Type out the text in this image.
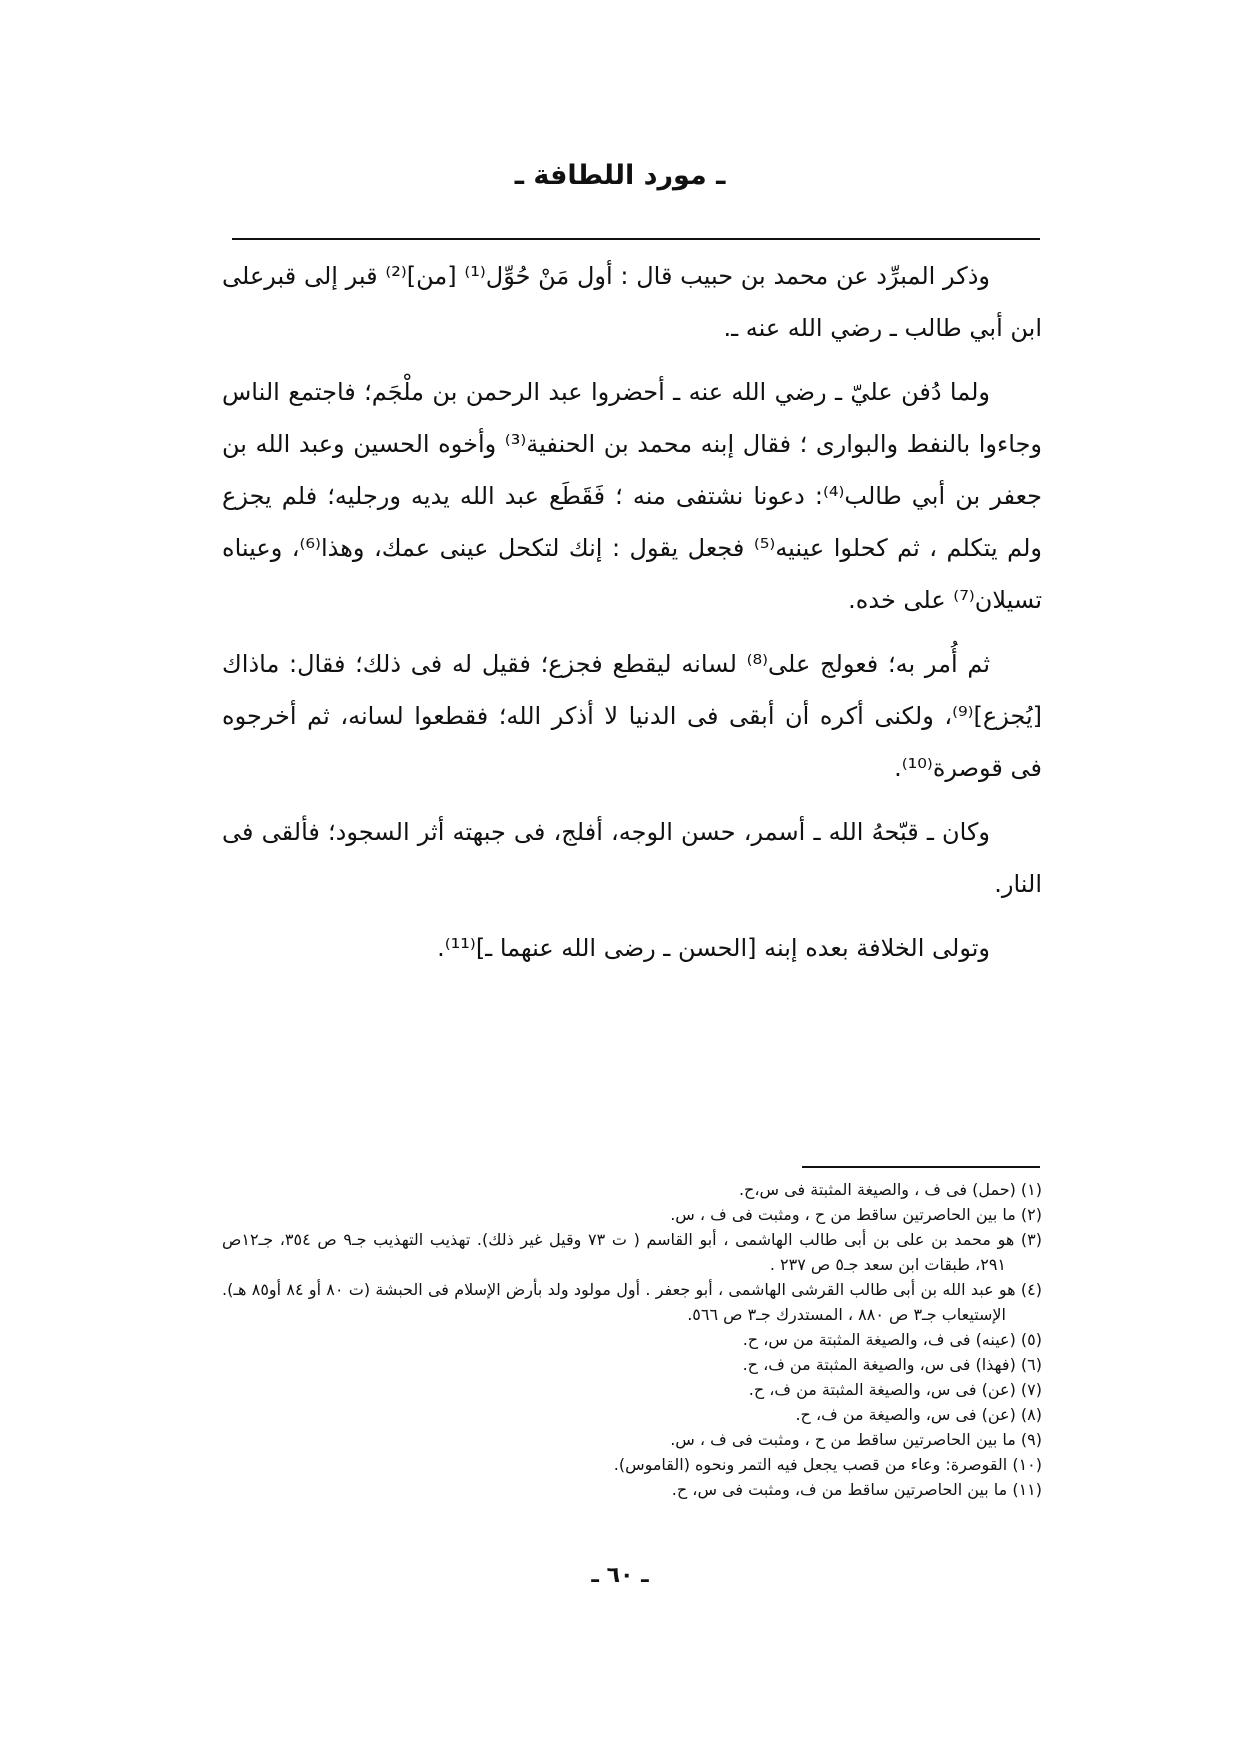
ـ مورد اللطافة ـ

وذكر المبرِّد عن محمد بن حبيب قال : أول مَنْ حُوِّل⁽¹⁾ [من]⁽²⁾ قبر إلى قبرعلى ابن أبي طالب ـ رضي الله عنه ـ.

ولما دُفن عليّ ـ رضي الله عنه ـ أحضروا عبد الرحمن بن ملْجَم؛ فاجتمع الناس وجاءوا بالنفط والبوارى ؛ فقال إبنه محمد بن الحنفية⁽³⁾ وأخوه الحسين وعبد الله بن جعفر بن أبي طالب⁽⁴⁾: دعونا نشتفى منه ؛ فَقَطَع عبد الله يديه ورجليه؛ فلم يجزع ولم يتكلم ، ثم كحلوا عينيه⁽⁵⁾ فجعل يقول : إنك لتكحل عينى عمك، وهذا⁽⁶⁾، وعيناه تسيلان⁽⁷⁾ على خده.

ثم أُمر به؛ فعولج على⁽⁸⁾ لسانه ليقطع فجزع؛ فقيل له فى ذلك؛ فقال: ماذاك [يُجزع]⁽⁹⁾، ولكنى أكره أن أبقى فى الدنيا لا أذكر الله؛ فقطعوا لسانه، ثم أخرجوه فى قوصرة⁽¹⁰⁾.

وكان ـ قبّحهُ الله ـ أسمر، حسن الوجه، أفلج، فى جبهته أثر السجود؛ فألقى فى النار.

وتولى الخلافة بعده إبنه [الحسن ـ رضى الله عنهما ـ]⁽¹¹⁾.

(١) (حمل) فى ف ، والصيغة المثبتة فى س،ح.

(٢) ما بين الحاصرتين ساقط من ح ، ومثبت فى ف ، س.

(٣) هو محمد بن على بن أبى طالب الهاشمى ، أبو القاسم ( ت ٧٣ وقيل غير ذلك). تهذيب التهذيب جـ٩ ص ٣٥٤، جـ١٢ص ٢٩١، طبقات ابن سعد جـ٥ ص ٢٣٧ .

(٤) هو عبد الله بن أبى طالب القرشى الهاشمى ، أبو جعفر . أول مولود ولد بأرض الإسلام فى الحبشة (ت ٨٠ أو ٨٤ أو٨٥ هـ). الإستيعاب جـ٣ ص ٨٨٠ ، المستدرك جـ٣ ص ٥٦٦.

(٥) (عينه) فى ف، والصيغة المثبتة من س، ح.

(٦) (فهذا) فى س، والصيغة المثبتة من ف، ح.

(٧) (عن) فى س، والصيغة المثبتة من ف، ح.

(٨) (عن) فى س، والصيغة من ف، ح.

(٩) ما بين الحاصرتين ساقط من ح ، ومثبت فى ف ، س.

(١٠) القوصرة: وعاء من قصب يجعل فيه التمر ونحوه (القاموس).

(١١) ما بين الحاصرتين ساقط من ف، ومثبت فى س، ح.

ـ ٦٠ ـ
